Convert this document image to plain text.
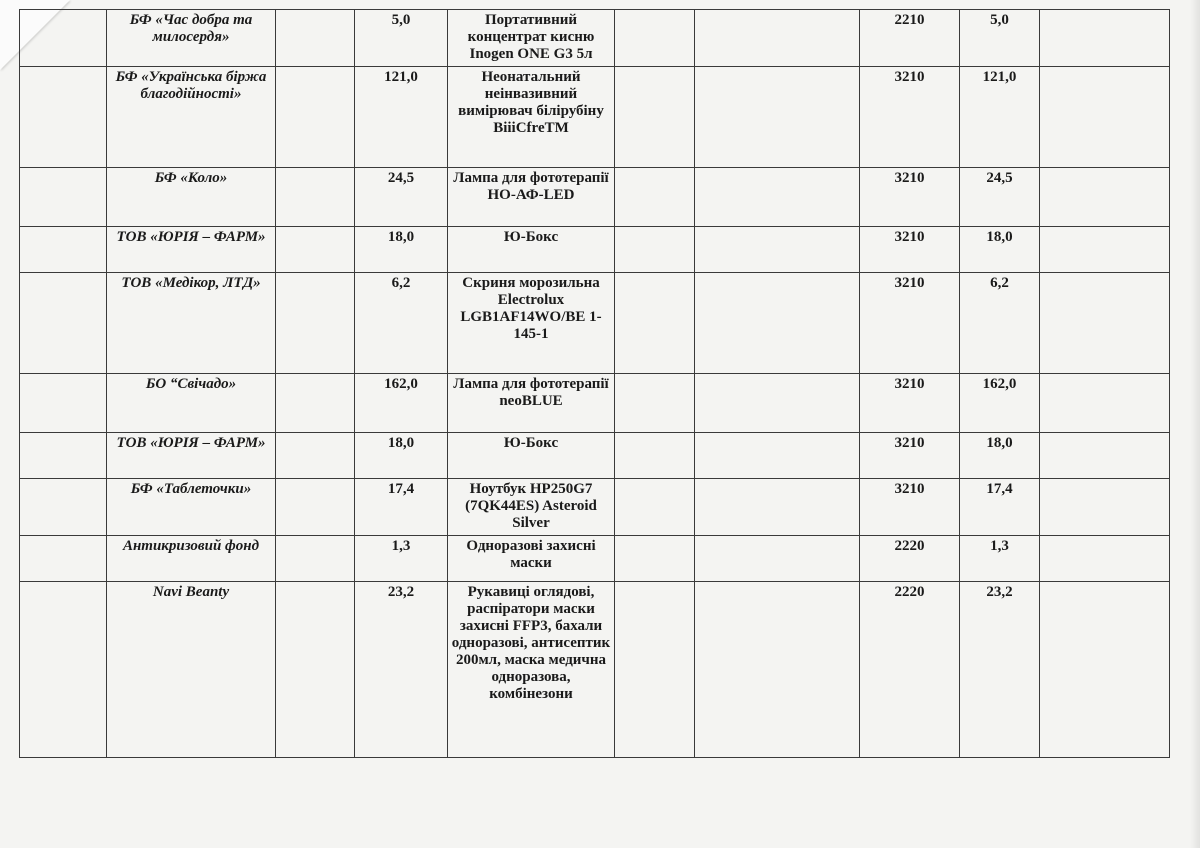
	БФ «Час добра та милосердя»		5,0	Портативний концентрат кисню Inogen ONE G3 5л			2210	5,0	
	БФ «Українська біржа благодійності»		121,0	Неонатальний неінвазивний вимірювач білірубіну BiiiCfreTM			3210	121,0	
	БФ «Коло»		24,5	Лампа для фототерапії НО-АФ-LED			3210	24,5	
	ТОВ «ЮРІЯ – ФАРМ»		18,0	Ю-Бокс			3210	18,0	
	ТОВ «Медікор, ЛТД»		6,2	Скриня морозильна Electrolux LGB1AF14WO/BE 1-145-1			3210	6,2	
	БО “Свічадо»		162,0	Лампа для фототерапії neoBLUE			3210	162,0	
	ТОВ «ЮРІЯ – ФАРМ»		18,0	Ю-Бокс			3210	18,0	
	БФ «Таблеточки»		17,4	Ноутбук HP250G7 (7QK44ES) Asteroid Silver			3210	17,4	
	Антикризовий фонд		1,3	Одноразові захисні маски			2220	1,3	
	Navi Beanty		23,2	Рукавиці оглядові, распіратори маски захисні FFP3, бахали одноразові, антисептик 200мл, маска медична одноразова, комбінезони			2220	23,2	
